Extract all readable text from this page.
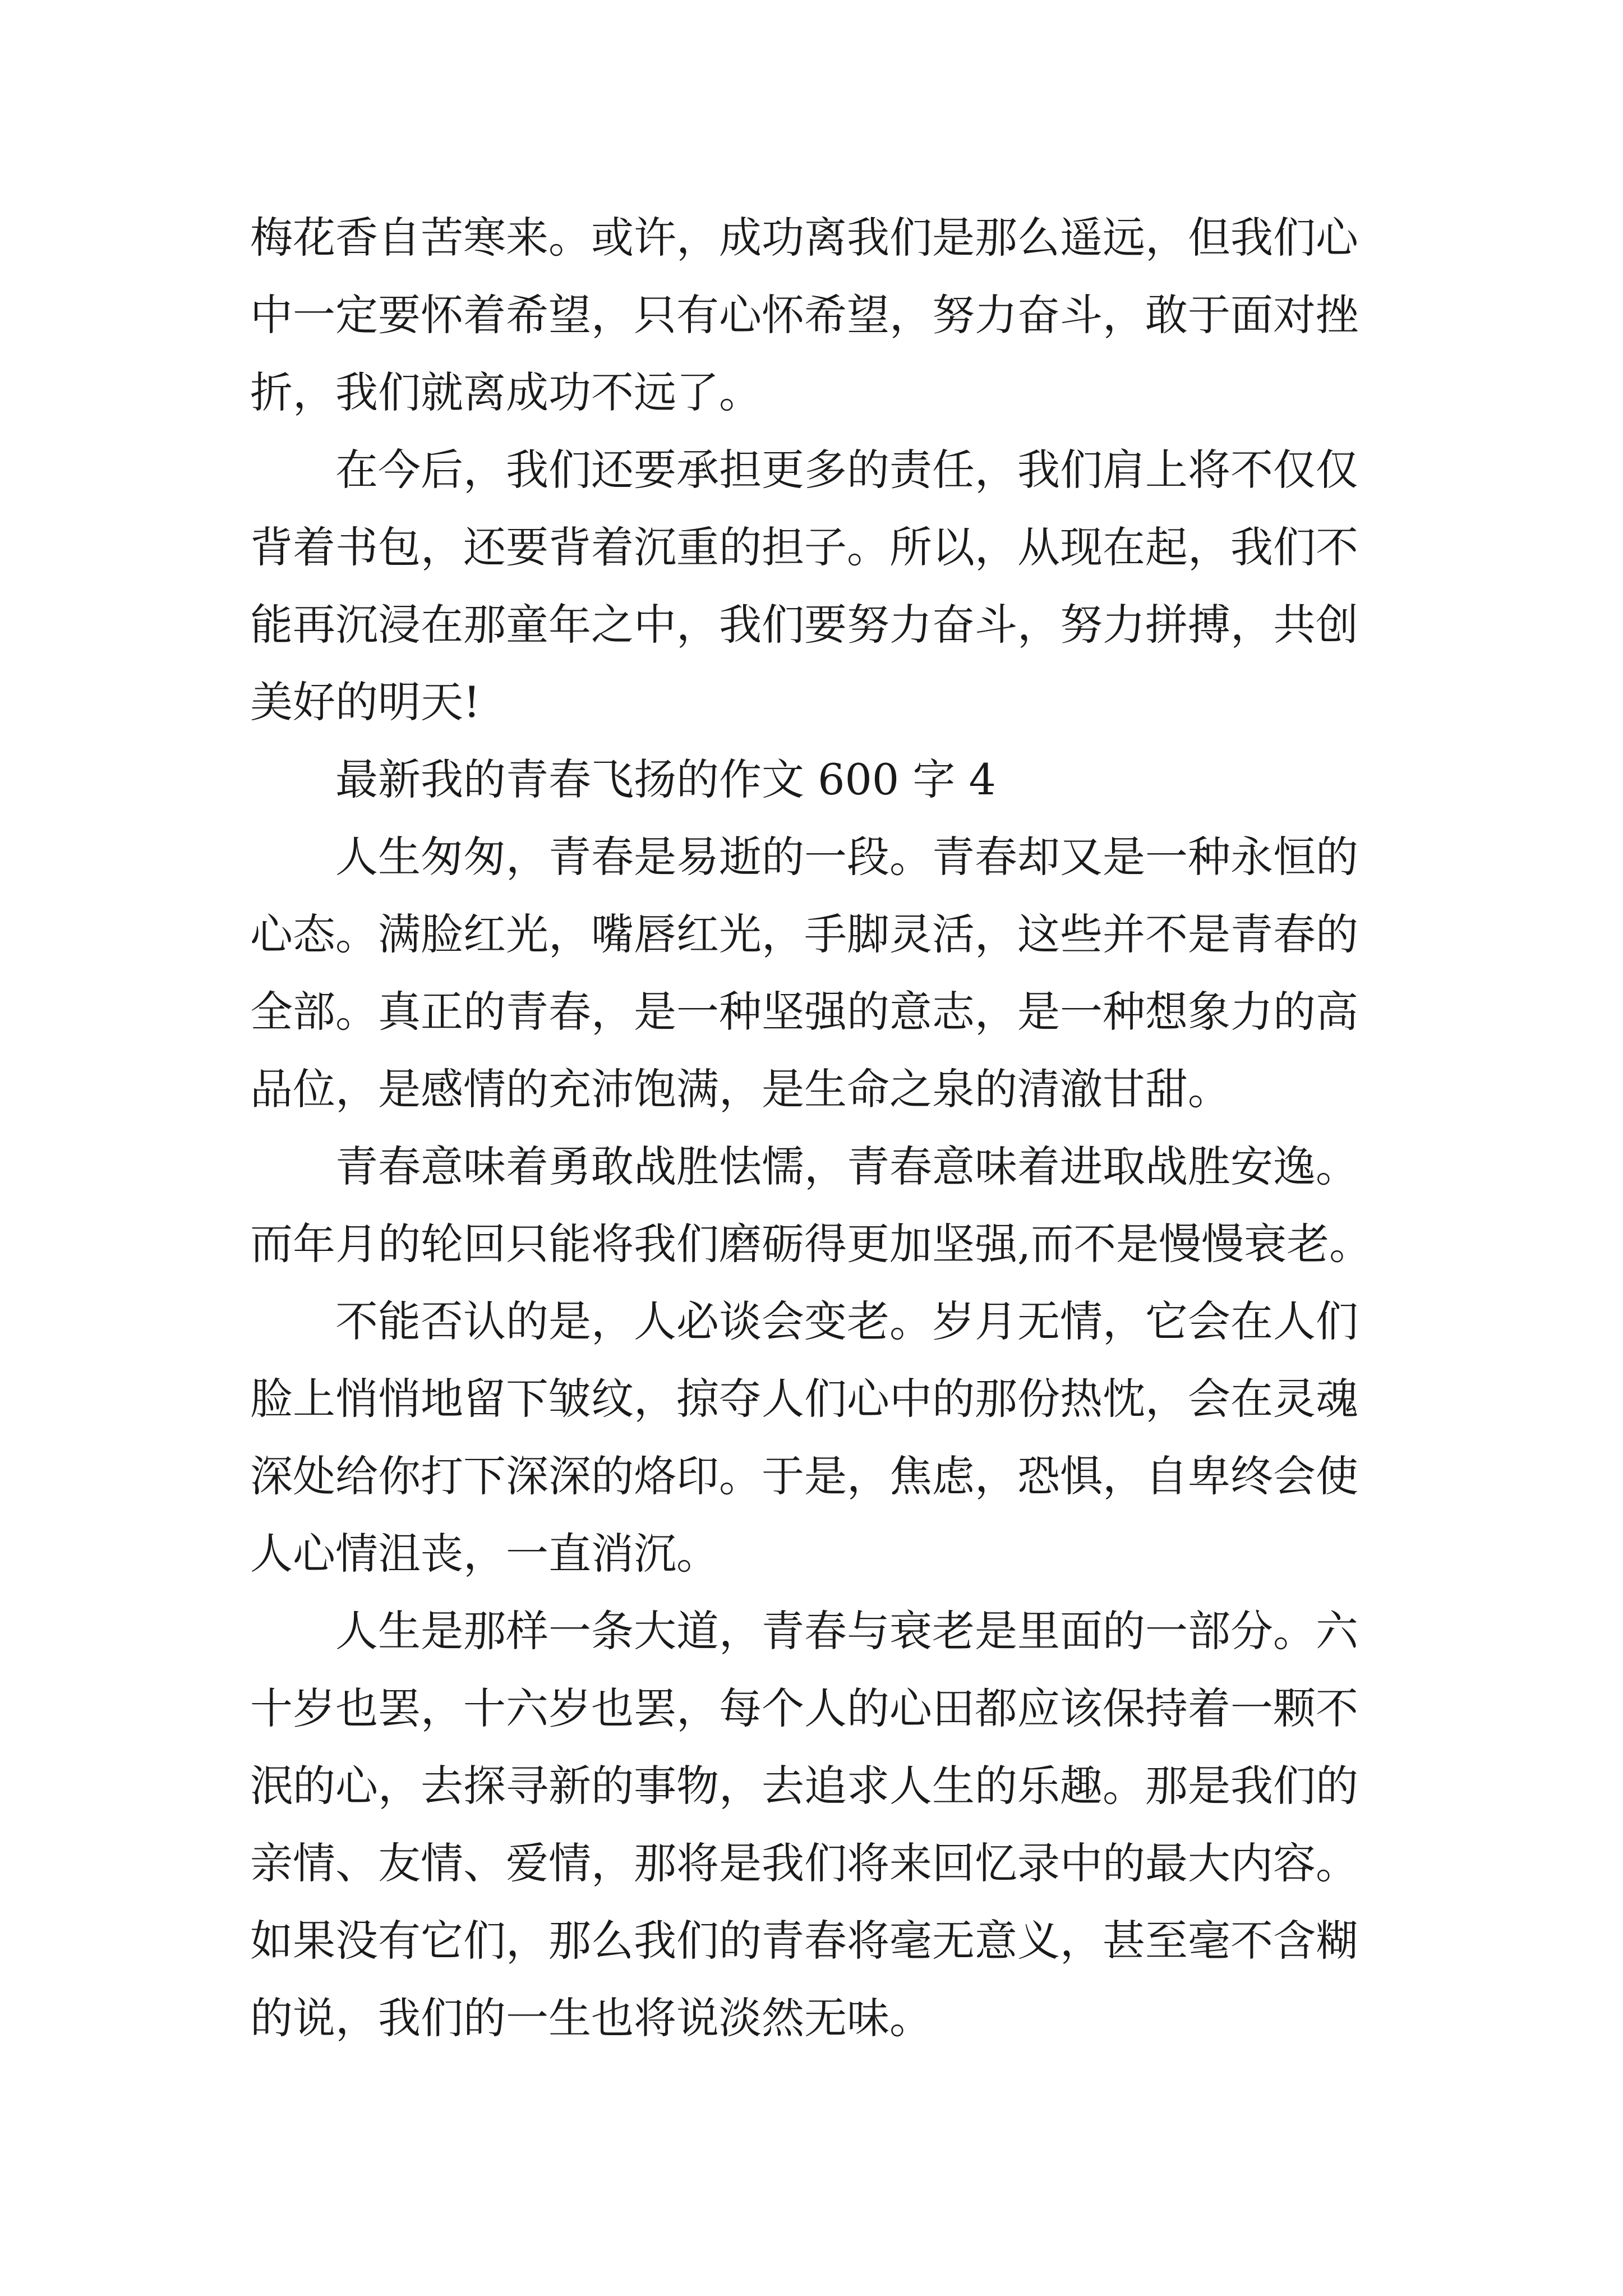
梅花香自苦寒来。或许，成功离我们是那么遥远，但我们心
中一定要怀着希望，只有心怀希望，努力奋斗，敢于面对挫
折，我们就离成功不远了。
在今后，我们还要承担更多的责任，我们肩上将不仅仅
背着书包，还要背着沉重的担子。所以，从现在起，我们不
能再沉浸在那童年之中，我们要努力奋斗，努力拼搏，共创
美好的明天!
最新我的青春飞扬的作文 600 字 4
人生匆匆，青春是易逝的一段。青春却又是一种永恒的
心态。满脸红光，嘴唇红光，手脚灵活，这些并不是青春的
全部。真正的青春，是一种坚强的意志，是一种想象力的高
品位，是感情的充沛饱满，是生命之泉的清澈甘甜。
青春意味着勇敢战胜怯懦，青春意味着进取战胜安逸。
而年月的轮回只能将我们磨砺得更加坚强,而不是慢慢衰老。
不能否认的是，人必谈会变老。岁月无情，它会在人们
脸上悄悄地留下皱纹，掠夺人们心中的那份热忱，会在灵魂
深处给你打下深深的烙印。于是，焦虑，恐惧，自卑终会使
人心情沮丧，一直消沉。
人生是那样一条大道，青春与衰老是里面的一部分。六
十岁也罢，十六岁也罢，每个人的心田都应该保持着一颗不
泯的心，去探寻新的事物，去追求人生的乐趣。那是我们的
亲情、友情、爱情，那将是我们将来回忆录中的最大内容。
如果没有它们，那么我们的青春将毫无意义，甚至毫不含糊
的说，我们的一生也将说淡然无味。
